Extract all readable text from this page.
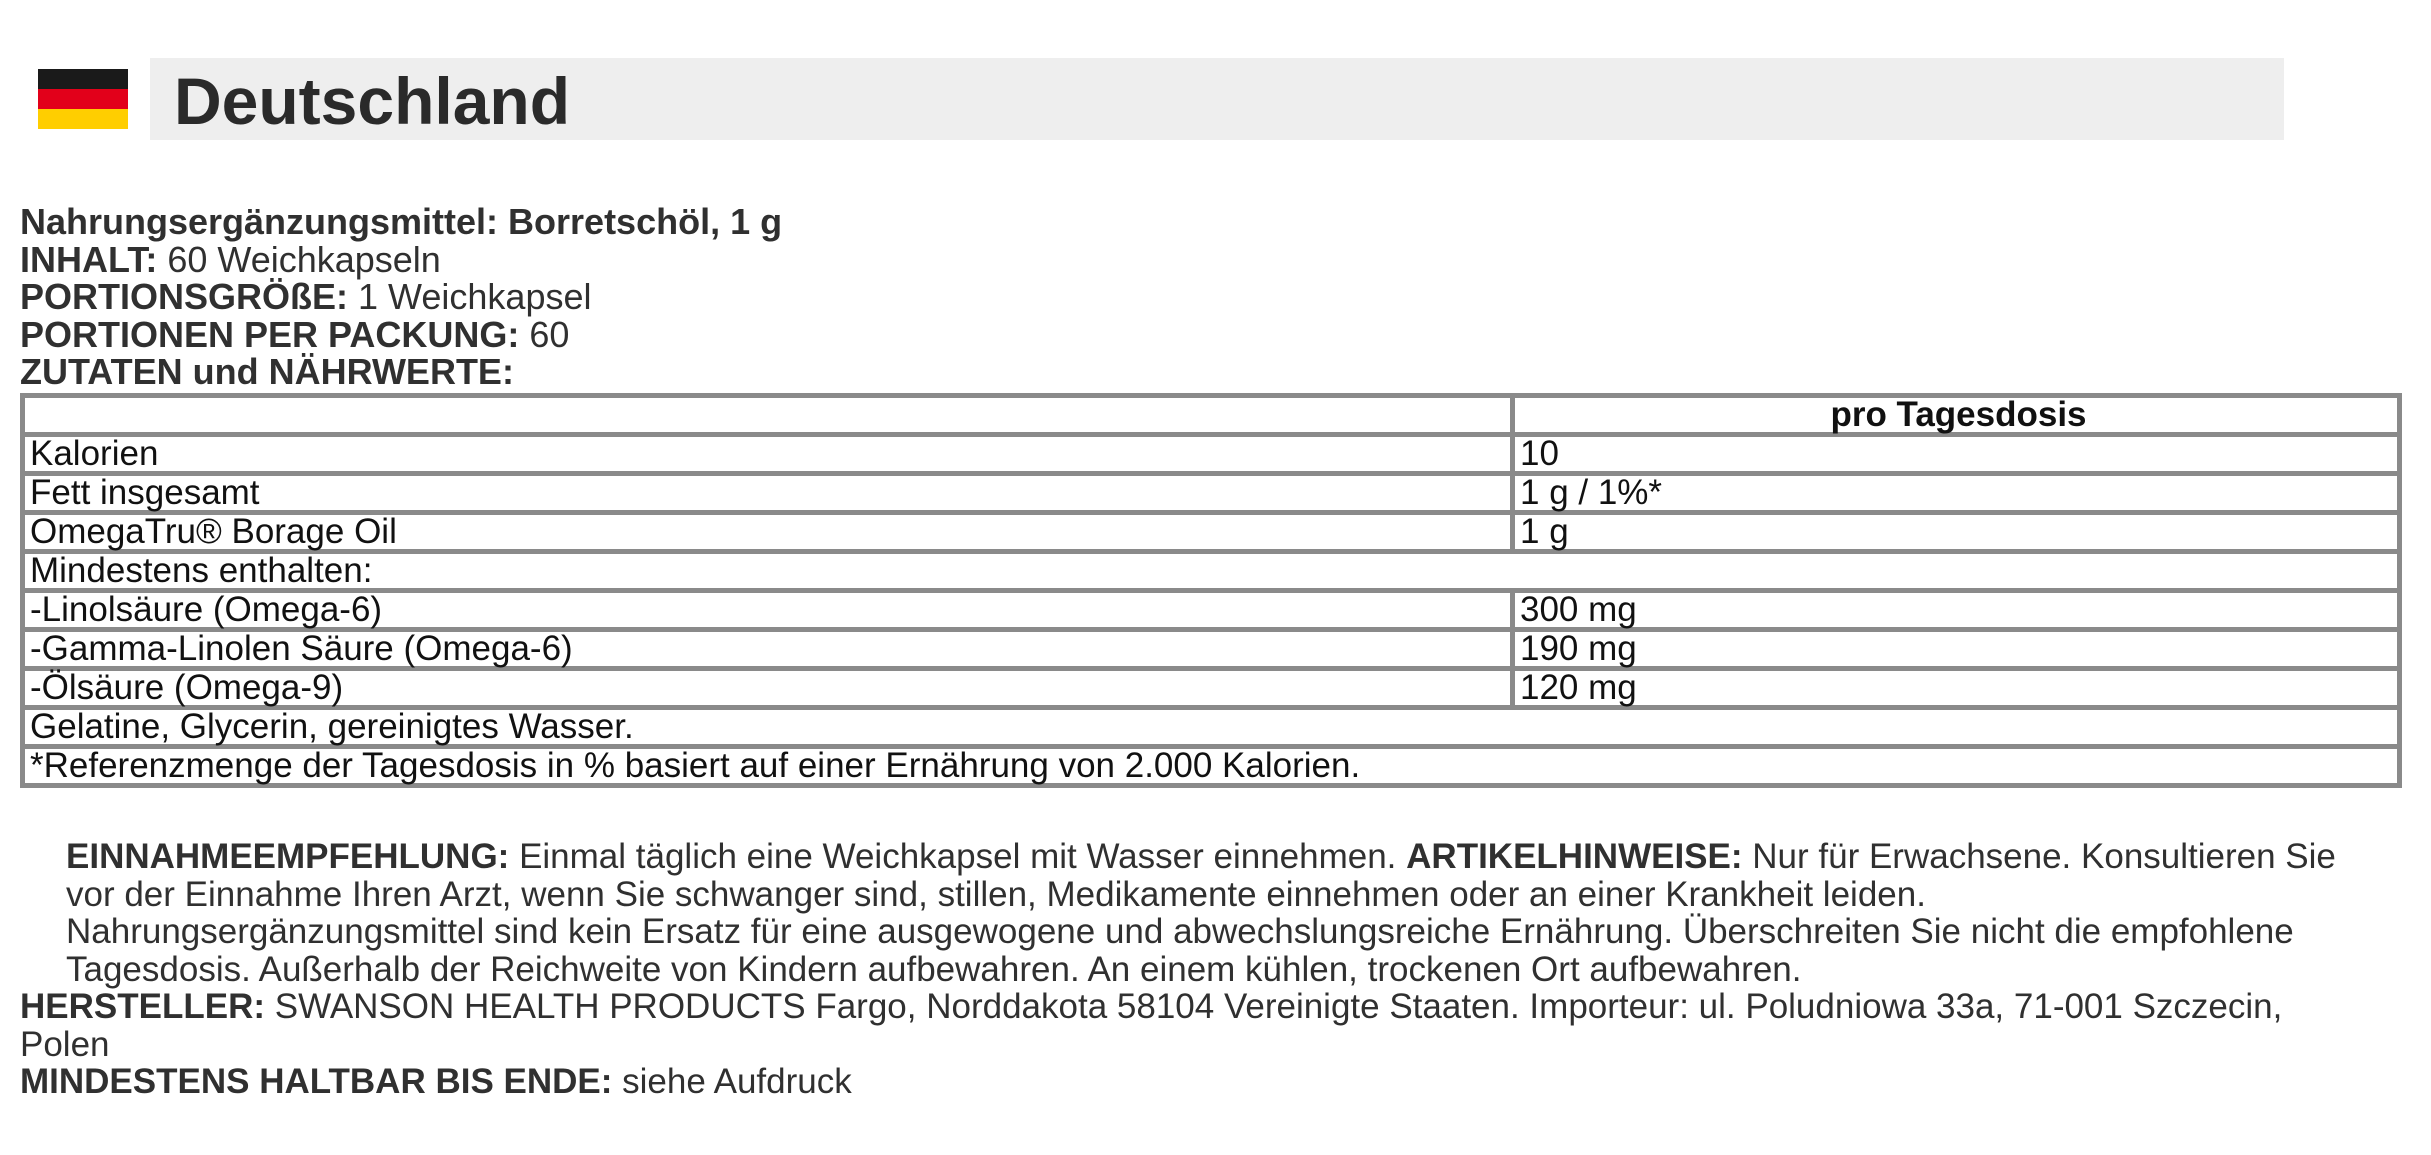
Deutschland
Nahrungsergänzungsmittel: Borretschöl, 1 g
INHALT: 60 Weichkapseln
PORTIONSGRÖßE: 1 Weichkapsel
PORTIONEN PER PACKUNG: 60
ZUTATEN und NÄHRWERTE:
	pro Tagesdosis
Kalorien	10
Fett insgesamt	1 g / 1%*
OmegaTru® Borage Oil	1 g
Mindestens enthalten:	
-Linolsäure (Omega-6)	300 mg
-Gamma-Linolen Säure (Omega-6)	190 mg
-Ölsäure (Omega-9)	120 mg
Gelatine, Glycerin, gereinigtes Wasser.	
*Referenzmenge der Tagesdosis in % basiert auf einer Ernährung von 2.000 Kalorien.	

EINNAHMEEMPFEHLUNG: Einmal täglich eine Weichkapsel mit Wasser einnehmen. ARTIKELHINWEISE: Nur für Erwachsene. Konsultieren Sie vor der Einnahme Ihren Arzt, wenn Sie schwanger sind, stillen, Medikamente einnehmen oder an einer Krankheit leiden. Nahrungsergänzungsmittel sind kein Ersatz für eine ausgewogene und abwechslungsreiche Ernährung. Überschreiten Sie nicht die empfohlene Tagesdosis. Außerhalb der Reichweite von Kindern aufbewahren. An einem kühlen, trockenen Ort aufbewahren.

HERSTELLER: SWANSON HEALTH PRODUCTS Fargo, Norddakota 58104 Vereinigte Staaten. Importeur: ul. Poludniowa 33a, 71-001 Szczecin, Polen

MINDESTENS HALTBAR BIS ENDE: siehe Aufdruck
